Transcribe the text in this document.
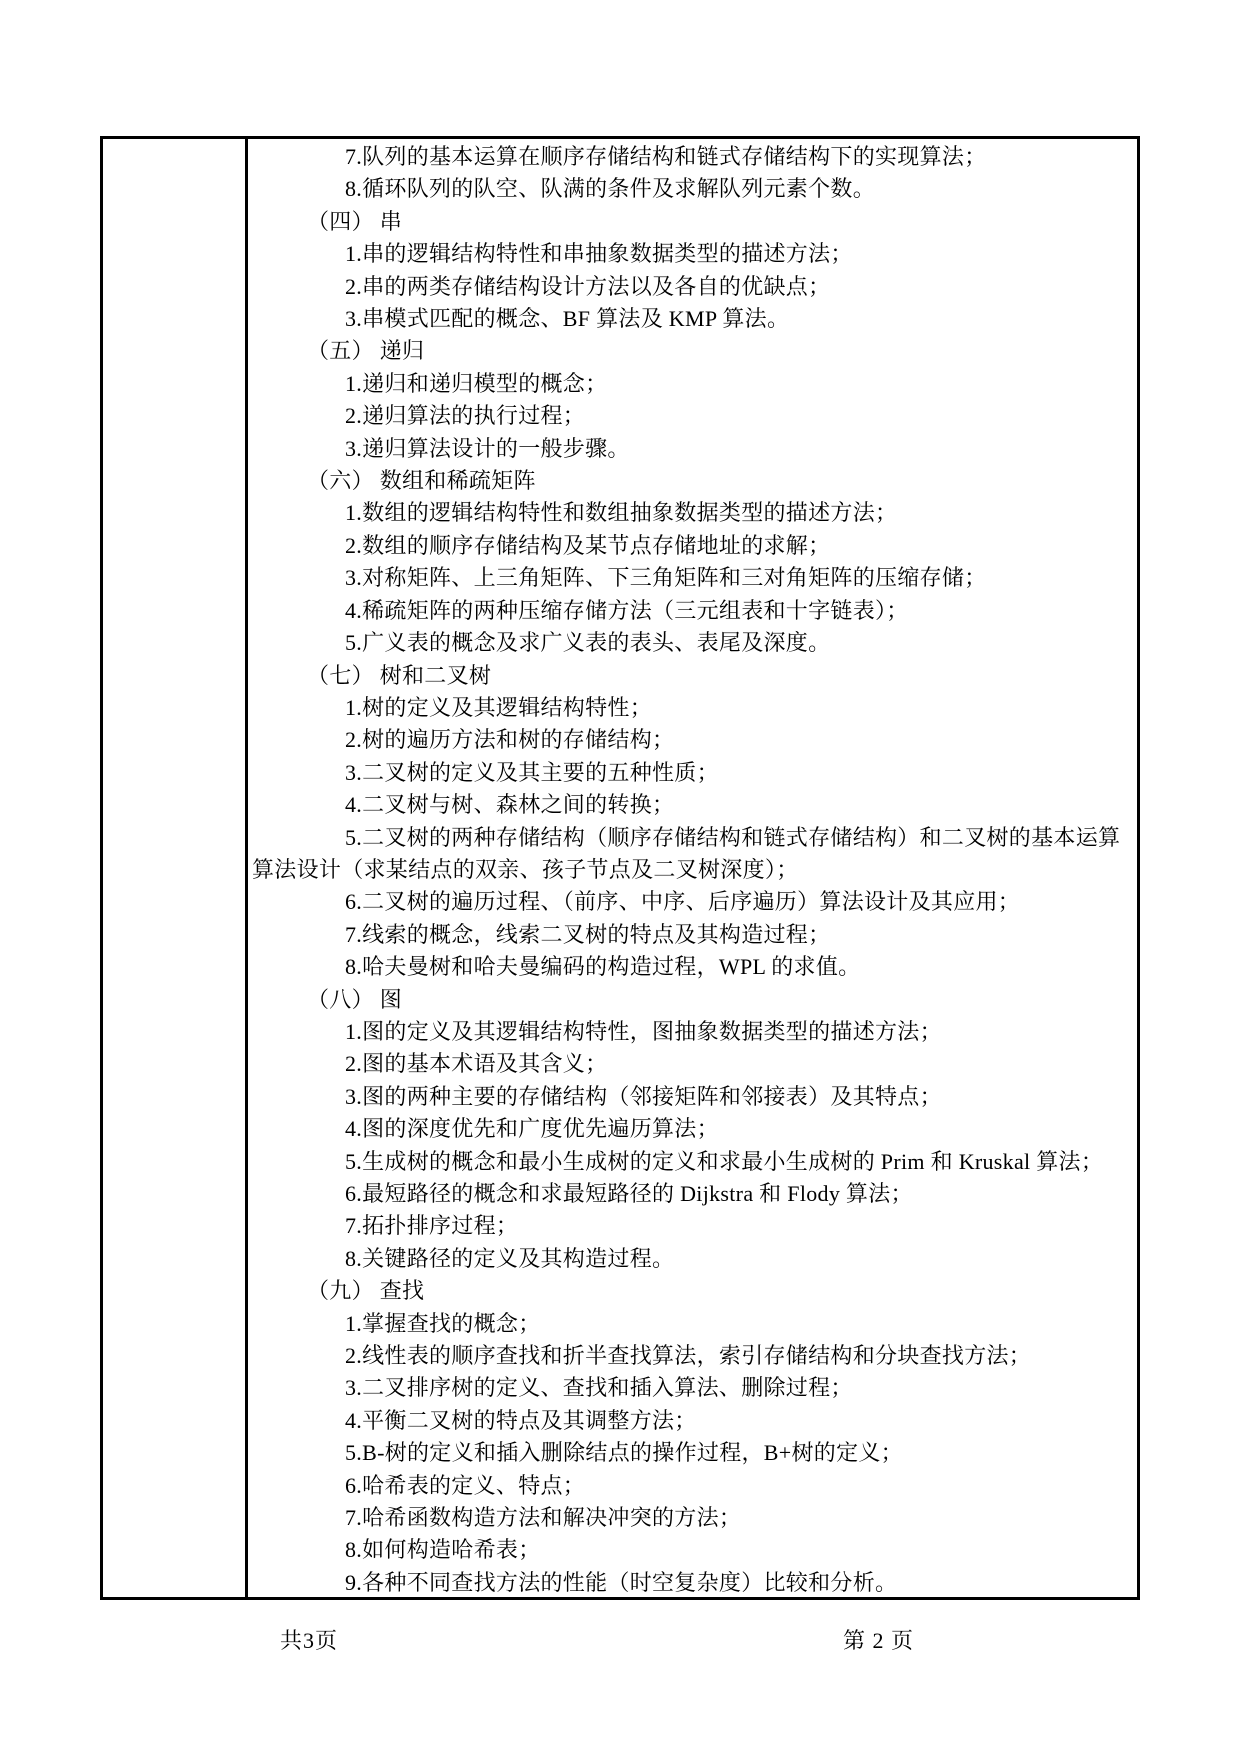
7.队列的基本运算在顺序存储结构和链式存储结构下的实现算法；

8.循环队列的队空、队满的条件及求解队列元素个数。

（四） 串

1.串的逻辑结构特性和串抽象数据类型的描述方法；

2.串的两类存储结构设计方法以及各自的优缺点；

3.串模式匹配的概念、BF 算法及 KMP 算法。

（五） 递归

1.递归和递归模型的概念；

2.递归算法的执行过程；

3.递归算法设计的一般步骤。

（六） 数组和稀疏矩阵

1.数组的逻辑结构特性和数组抽象数据类型的描述方法；

2.数组的顺序存储结构及某节点存储地址的求解；

3.对称矩阵、上三角矩阵、下三角矩阵和三对角矩阵的压缩存储；

4.稀疏矩阵的两种压缩存储方法（三元组表和十字链表）；

5.广义表的概念及求广义表的表头、表尾及深度。

（七） 树和二叉树

1.树的定义及其逻辑结构特性；

2.树的遍历方法和树的存储结构；

3.二叉树的定义及其主要的五种性质；

4.二叉树与树、森林之间的转换；

5.二叉树的两种存储结构（顺序存储结构和链式存储结构）和二叉树的基本运算算法设计（求某结点的双亲、孩子节点及二叉树深度）；

6.二叉树的遍历过程、（前序、中序、后序遍历）算法设计及其应用；

7.线索的概念，线索二叉树的特点及其构造过程；

8.哈夫曼树和哈夫曼编码的构造过程，WPL 的求值。

（八） 图

1.图的定义及其逻辑结构特性，图抽象数据类型的描述方法；

2.图的基本术语及其含义；

3.图的两种主要的存储结构（邻接矩阵和邻接表）及其特点；

4.图的深度优先和广度优先遍历算法；

5.生成树的概念和最小生成树的定义和求最小生成树的 Prim 和 Kruskal 算法；

6.最短路径的概念和求最短路径的 Dijkstra 和 Flody 算法；

7.拓扑排序过程；

8.关键路径的定义及其构造过程。

（九） 查找

1.掌握查找的概念；

2.线性表的顺序查找和折半查找算法，索引存储结构和分块查找方法；

3.二叉排序树的定义、查找和插入算法、删除过程；

4.平衡二叉树的特点及其调整方法；

5.B-树的定义和插入删除结点的操作过程，B+树的定义；

6.哈希表的定义、特点；

7.哈希函数构造方法和解决冲突的方法；

8.如何构造哈希表；

9.各种不同查找方法的性能（时空复杂度）比较和分析。

共3页	第 2 页
